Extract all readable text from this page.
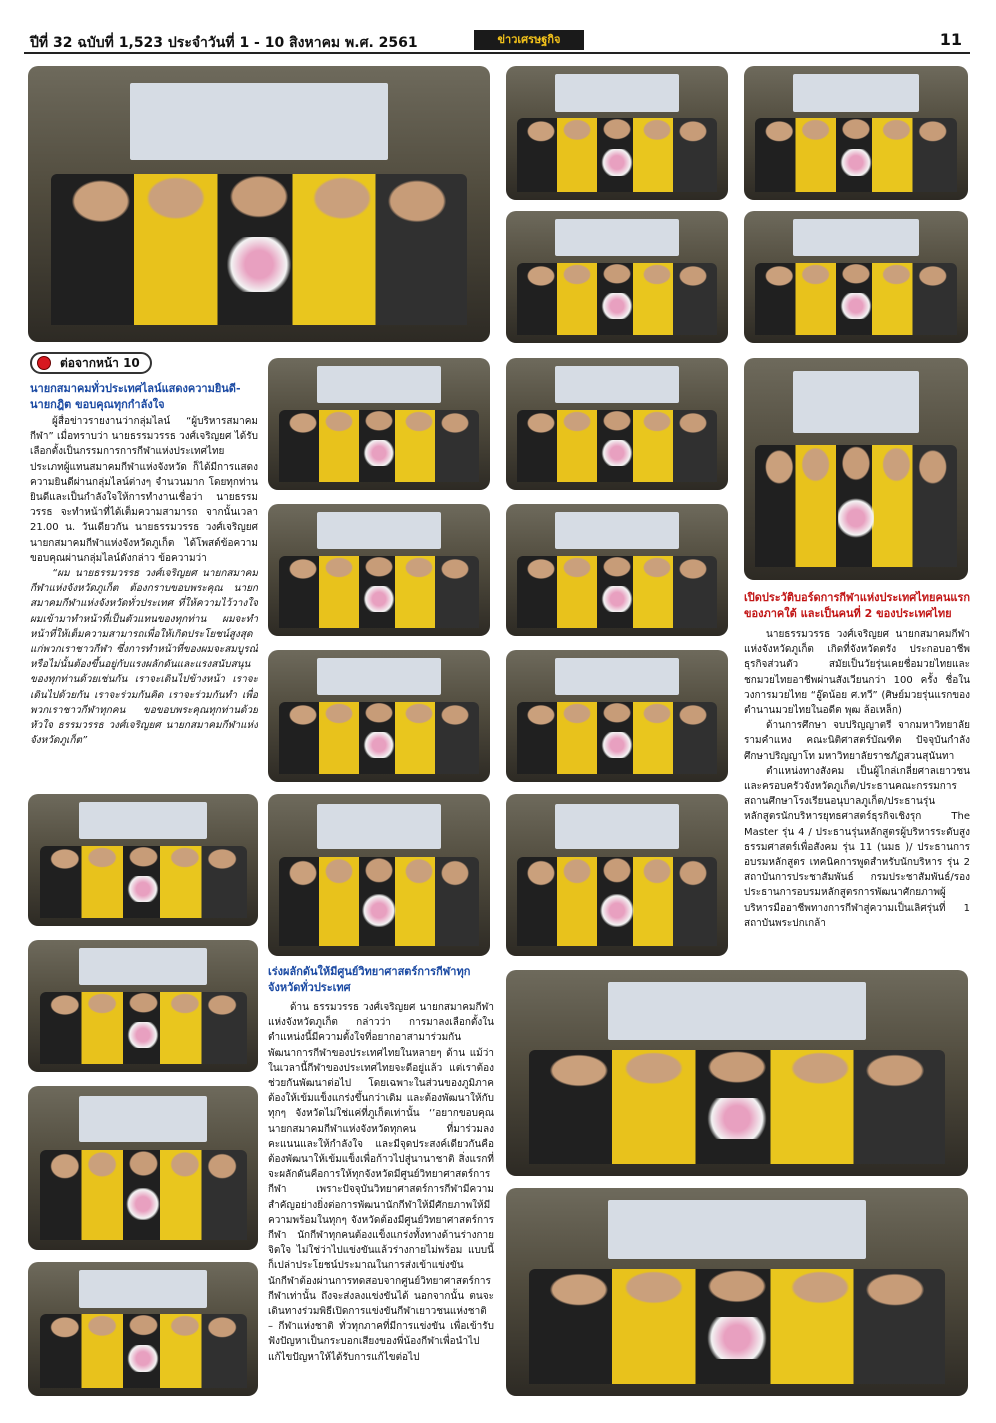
ปีที่ 32 ฉบับที่ 1,523 ประจำวันที่ 1 - 10 สิงหาคม พ.ศ. 2561	ข่าวเศรษฐกิจ	11
ต่อจากหน้า 10
นายกสมาคมทั่วประเทศไลน์แสดงความยินดี- นายกฎิต ขอบคุณทุกกำลังใจ

ผู้สื่อข่าวรายงานว่ากลุ่มไลน์ “ผู้บริหารสมาคมกีฬา” เมื่อทราบว่า นายธรรมวรรธ วงศ์เจริญยศ ได้รับเลือกตั้งเป็นกรรมการการกีฬาแห่งประเทศไทยประเภทผู้แทนสมาคมกีฬาแห่งจังหวัด ก็ได้มีการแสดงความยินดีผ่านกลุ่มไลน์ต่างๆ จำนวนมาก โดยทุกท่านยินดีและเป็นกำลังใจให้การทำงานเชื่อว่า นายธรรมวรรธ จะทำหน้าที่ได้เต็มความสามารถ จากนั้นเวลา 21.00 น. วันเดียวกัน นายธรรมวรรธ วงศ์เจริญยศ นายกสมาคมกีฬาแห่งจังหวัดภูเก็ต ได้โพสต์ข้อความขอบคุณผ่านกลุ่มไลน์ดังกล่าว ข้อความว่า

“ผม นายธรรมวรรธ วงศ์เจริญยศ นายกสมาคมกีฬาแห่งจังหวัดภูเก็ต ต้องกราบขอบพระคุณ นายกสมาคมกีฬาแห่งจังหวัดทั่วประเทศ ที่ให้ความไว้วางใจผมเข้ามาทำหน้าที่เป็นตัวแทนของทุกท่าน ผมจะทำหน้าที่ให้เต็มความสามารถเพื่อให้เกิดประโยชน์สูงสุดแก่พวกเราชาวกีฬา ซึ่งการทำหน้าที่ของผมจะสมบูรณ์หรือไม่นั้นต้องขึ้นอยู่กับแรงผลักดันและแรงสนับสนุนของทุกท่านด้วยเช่นกัน เราจะเดินไปข้างหน้า เราจะเดินไปด้วยกัน เราจะร่วมกันคิด เราจะร่วมกันทำ เพื่อพวกเราชาวกีฬาทุกคน ขอขอบพระคุณทุกท่านด้วยหัวใจ ธรรมวรรธ วงศ์เจริญยศ นายกสมาคมกีฬาแห่งจังหวัดภูเก็ต”

เปิดประวัติบอร์ดการกีฬาแห่งประเทศไทยคนแรกของภาคใต้ และเป็นคนที่ 2 ของประเทศไทย

นายธรรมวรรธ วงศ์เจริญยศ นายกสมาคมกีฬาแห่งจังหวัดภูเก็ต เกิดที่จังหวัดตรัง ประกอบอาชีพธุรกิจส่วนตัว สมัยเป็นวัยรุ่นเคยชื่อมวยไทยและชกมวยไทยอาชีพผ่านสังเวียนกว่า 100 ครั้ง ชื่อในวงการมวยไทย “อู๊ดน้อย ศ.ทวี” (ศิษย์มวยรุ่นแรกของตำนานมวยไทยในอดีต พุฒ ล้อเหล็ก)

ด้านการศึกษา จบปริญญาตรี จากมหาวิทยาลัยรามคำแหง คณะนิติศาสตร์บัณฑิต ปัจจุบันกำลังศึกษาปริญญาโท มหาวิทยาลัยราชภัฏสวนสุนันทา

ตำแหน่งทางสังคม เป็นผู้ไกล่เกลี่ยศาลเยาวชนและครอบครัวจังหวัดภูเก็ต/ประธานคณะกรรมการสถานศึกษาโรงเรียนอนุบาลภูเก็ต/ประธานรุ่นหลักสูตรนักบริหารยุทธศาสตร์ธุรกิจเชิงรุก The Master รุ่น 4 / ประธานรุ่นหลักสูตรผู้บริหารระดับสูงธรรมศาสตร์เพื่อสังคม รุ่น 11 (นมธ )/ ประธานการอบรมหลักสูตร เทคนิคการพูดสำหรับนักบริหาร รุ่น 2 สถาบันการประชาสัมพันธ์ กรมประชาสัมพันธ์/รองประธานการอบรมหลักสูตรการพัฒนาศักยภาพผู้บริหารมืออาชีพทางการกีฬาสู่ความเป็นเลิศรุ่นที่ 1 สถาบันพระปกเกล้า

เร่งผลักดันให้มีศูนย์วิทยาศาสตร์การกีฬาทุกจังหวัดทั่วประเทศ

ด้าน ธรรมวรรธ วงศ์เจริญยศ นายกสมาคมกีฬาแห่งจังหวัดภูเก็ต กล่าวว่า การมาลงเลือกตั้งในตำแหน่งนี้มีความตั้งใจที่อยากอาสามาร่วมกันพัฒนาการกีฬาของประเทศไทยในหลายๆ ด้าน แม้ว่าในเวลานี้กีฬาของประเทศไทยจะดีอยู่แล้ว แต่เราต้องช่วยกันพัฒนาต่อไป โดยเฉพาะในส่วนของภูมิภาคต้องให้เข้มแข็งแกร่งขึ้นกว่าเดิม และต้องพัฒนาให้กับทุกๆ จังหวัดไม่ใช่แค่ที่ภูเก็ตเท่านั้น ‘’อยากขอบคุณนายกสมาคมกีฬาแห่งจังหวัดทุกคน ที่มาร่วมลงคะแนนและให้กำลังใจ และมีจุดประสงค์เดียวกันคือต้องพัฒนาให้เข้มแข็งเพื่อก้าวไปสู่นานาชาติ สิ่งแรกที่จะผลักดันคือการให้ทุกจังหวัดมีศูนย์วิทยาศาสตร์การกีฬา เพราะปัจจุบันวิทยาศาสตร์การกีฬามีความสำคัญอย่างยิ่งต่อการพัฒนานักกีฬาให้มีศักยภาพให้มีความพร้อมในทุกๆ จังหวัดต้องมีศูนย์วิทยาศาสตร์การกีฬา นักกีฬาทุกคนต้องแข็งแกร่งทั้งทางด้านร่างกาย จิตใจ ไม่ใช่ว่าไปแข่งขันแล้วร่างกายไม่พร้อม แบบนี้ก็เปล่าประโยชน์ประมาณในการส่งเข้าแข่งขัน นักกีฬาต้องผ่านการทดสอบจากศูนย์วิทยาศาสตร์การกีฬาเท่านั้น ถึงจะส่งลงแข่งขันได้ นอกจากนั้น ตนจะเดินทางร่วมพิธีเปิดการแข่งขันกีฬาเยาวชนแห่งชาติ – กีฬาแห่งชาติ ทั่วทุกภาคที่มีการแข่งขัน เพื่อเข้ารับฟังปัญหาเป็นกระบอกเสียงของพี่น้องกีฬาเพื่อนำไปแก้ไขปัญหาให้ได้รับการแก้ไขต่อไป
